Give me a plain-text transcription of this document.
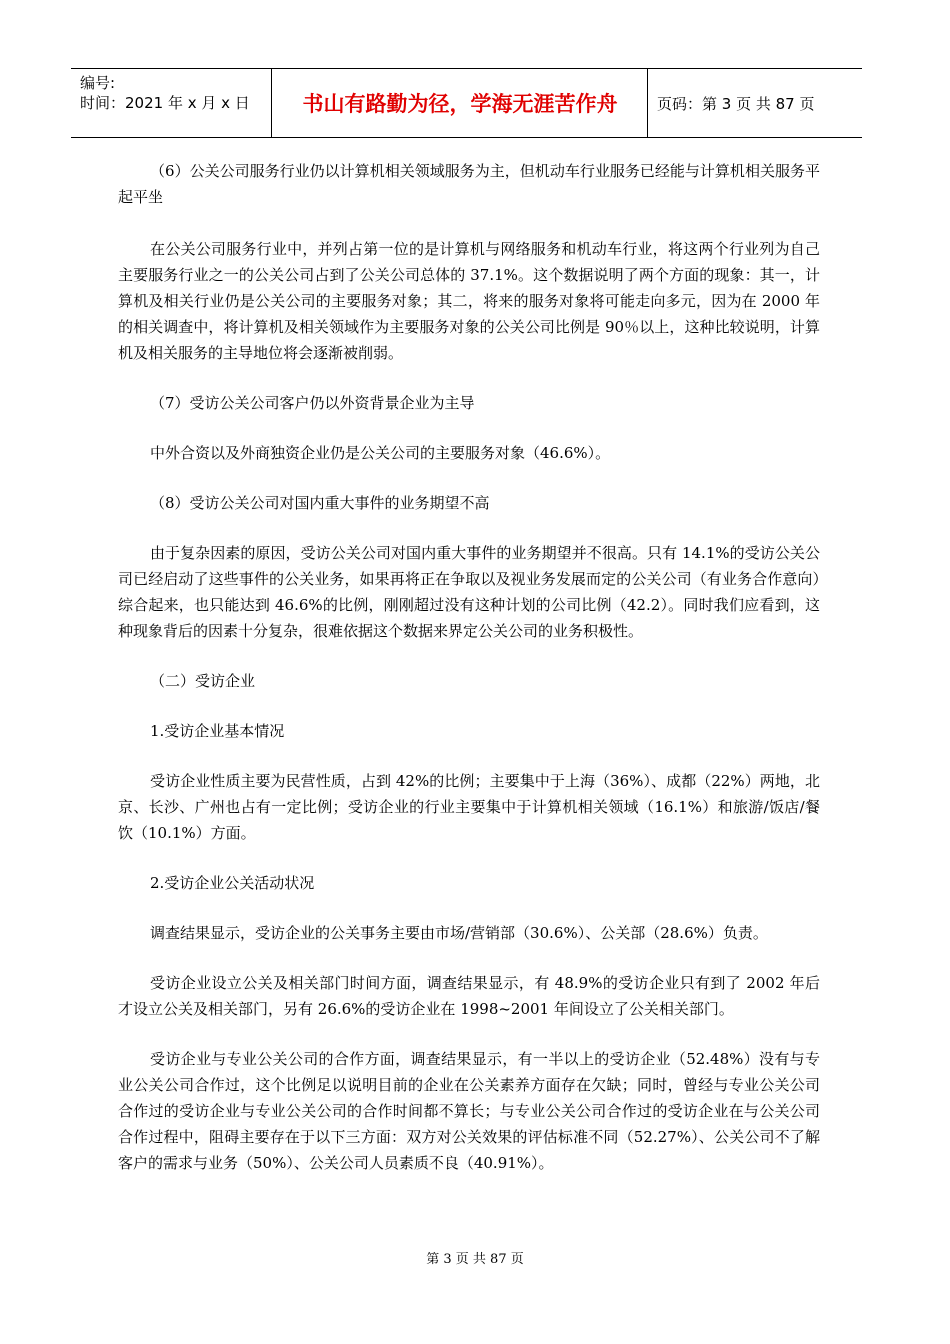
编号:
时间：2021 年 x 月 x 日	书山有路勤为径，学海无涯苦作舟	页码：第 3 页 共 87 页

（6）公关公司服务行业仍以计算机相关领域服务为主，但机动车行业服务已经能与计算机相关服务平起平坐

在公关公司服务行业中，并列占第一位的是计算机与网络服务和机动车行业，将这两个行业列为自己主要服务行业之一的公关公司占到了公关公司总体的 37.1%。这个数据说明了两个方面的现象：其一，计算机及相关行业仍是公关公司的主要服务对象；其二，将来的服务对象将可能走向多元，因为在 2000 年的相关调查中，将计算机及相关领域作为主要服务对象的公关公司比例是 90％以上，这种比较说明，计算机及相关服务的主导地位将会逐渐被削弱。

（7）受访公关公司客户仍以外资背景企业为主导

中外合资以及外商独资企业仍是公关公司的主要服务对象（46.6%）。

（8）受访公关公司对国内重大事件的业务期望不高

由于复杂因素的原因，受访公关公司对国内重大事件的业务期望并不很高。只有 14.1%的受访公关公司已经启动了这些事件的公关业务，如果再将正在争取以及视业务发展而定的公关公司（有业务合作意向）综合起来，也只能达到 46.6%的比例，刚刚超过没有这种计划的公司比例（42.2）。同时我们应看到，这种现象背后的因素十分复杂，很难依据这个数据来界定公关公司的业务积极性。

（二）受访企业

1.受访企业基本情况

受访企业性质主要为民营性质，占到 42%的比例；主要集中于上海（36%）、成都（22%）两地，北京、长沙、广州也占有一定比例；受访企业的行业主要集中于计算机相关领域（16.1%）和旅游/饭店/餐饮（10.1%）方面。

2.受访企业公关活动状况

调查结果显示，受访企业的公关事务主要由市场/营销部（30.6%）、公关部（28.6%）负责。

受访企业设立公关及相关部门时间方面，调查结果显示，有 48.9%的受访企业只有到了 2002 年后才设立公关及相关部门，另有 26.6%的受访企业在 1998~2001 年间设立了公关相关部门。

受访企业与专业公关公司的合作方面，调查结果显示，有一半以上的受访企业（52.48%）没有与专业公关公司合作过，这个比例足以说明目前的企业在公关素养方面存在欠缺；同时，曾经与专业公关公司合作过的受访企业与专业公关公司的合作时间都不算长；与专业公关公司合作过的受访企业在与公关公司合作过程中，阻碍主要存在于以下三方面：双方对公关效果的评估标准不同（52.27%）、公关公司不了解客户的需求与业务（50%）、公关公司人员素质不良（40.91%）。

第 3 页 共 87 页
